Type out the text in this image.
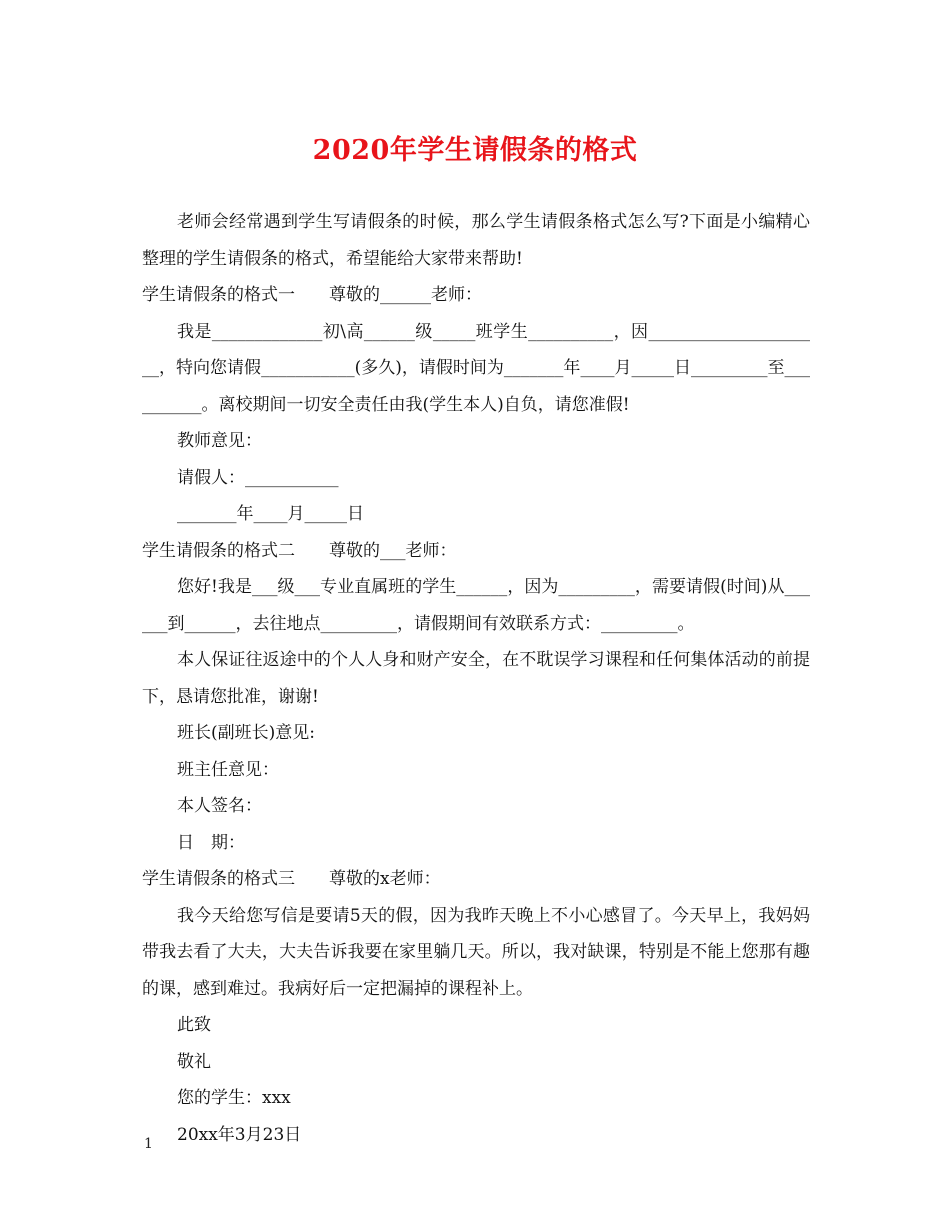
2020年学生请假条的格式

老师会经常遇到学生写请假条的时候，那么学生请假条格式怎么写?下面是小编精心整理的学生请假条的格式，希望能给大家带来帮助!

学生请假条的格式一　　尊敬的______老师：

我是_____________初\高______级_____班学生__________，因_____________________，特向您请假___________(多久)，请假时间为_______年____月_____日_________至__________。离校期间一切安全责任由我(学生本人)自负，请您准假!

教师意见：

请假人：___________

_______年____月_____日

学生请假条的格式二　　尊敬的___老师：

您好!我是___级___专业直属班的学生______，因为_________，需要请假(时间)从______到______，去往地点_________，请假期间有效联系方式：_________。

本人保证往返途中的个人人身和财产安全，在不耽误学习课程和任何集体活动的前提下，恳请您批准，谢谢!

班长(副班长)意见:

班主任意见：

本人签名：

日　期：

学生请假条的格式三　　尊敬的x老师：

我今天给您写信是要请5天的假，因为我昨天晚上不小心感冒了。今天早上，我妈妈带我去看了大夫，大夫告诉我要在家里躺几天。所以，我对缺课，特别是不能上您那有趣的课，感到难过。我病好后一定把漏掉的课程补上。

此致

敬礼

您的学生：xxx

20xx年3月23日

1
